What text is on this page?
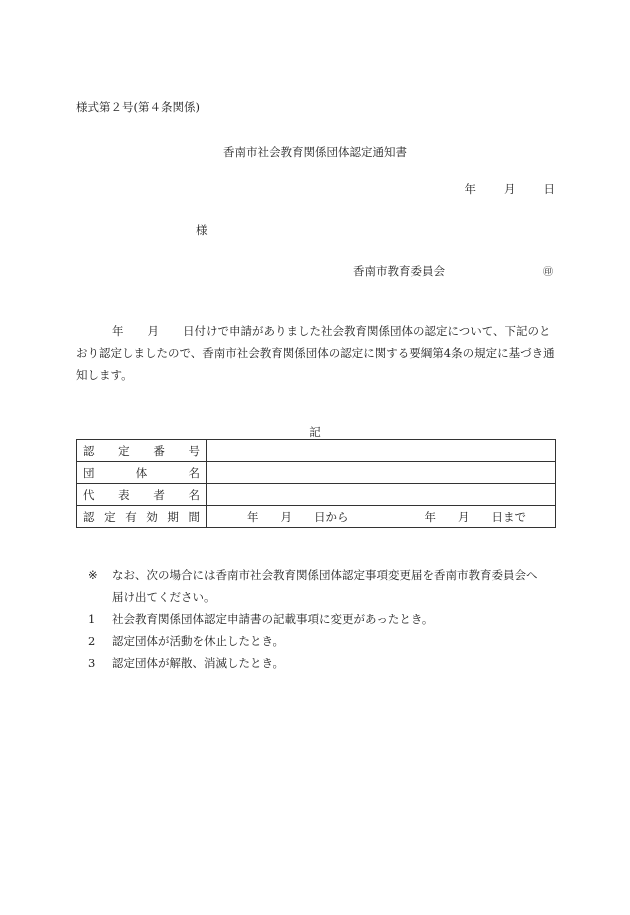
様式第２号(第４条関係)
香南市社会教育関係団体認定通知書
年 月 日
様
香南市教育委員会	㊞
年 月 日付けで申請がありました社会教育関係団体の認定について、下記のとおり認定しましたので、香南市社会教育関係団体の認定に関する要綱第4条の規定に基づき通知します。
記
認定番号	
団体名	
代表者名	
認定有効期間	年 月 日から 年 月 日まで
※ なお、次の場合には香南市社会教育関係団体認定事項変更届を香南市教育委員会へ
届け出てください。
1 社会教育関係団体認定申請書の記載事項に変更があったとき。
2 認定団体が活動を休止したとき。
3 認定団体が解散、消滅したとき。
